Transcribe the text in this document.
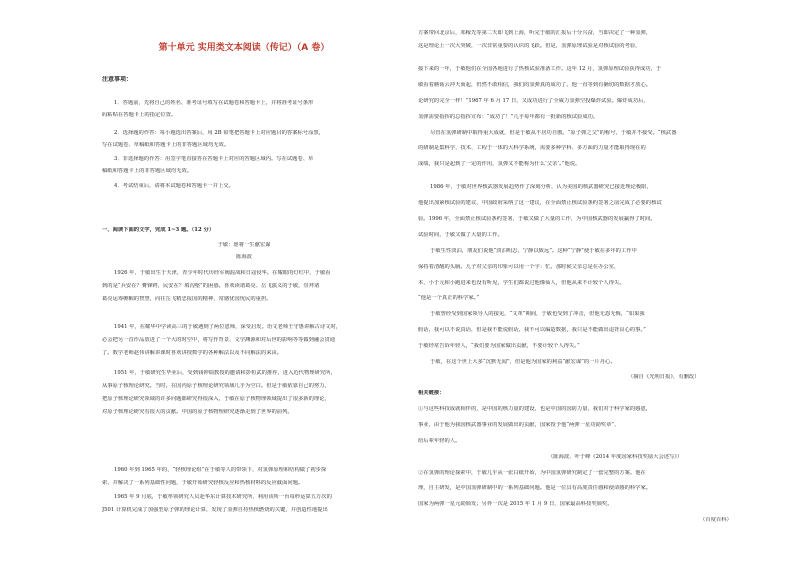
第十单元 实用类文本阅读（传记）（A 卷）

注意事项：

1．答题前，先将自己的姓名、准考证号填写在试题卷和答题卡上，并将准考证号条形

码粘贴在答题卡上的指定位置。

2．选择题的作答：每小题选出答案后，用 2B 铅笔把答题卡上对应题目的答案标号涂黑，

写在试题卷、草稿纸和答题卡上的非答题区域均无效。

3．非选择题的作答：用签字笔直接答在答题卡上对应的答题区域内。写在试题卷、草

稿纸和答题卡上的非答题区域均无效。

4．考试结束后，请将本试题卷和答题卡一并上交。

一、阅读下面的文字，完成 1~3 题。（12 分）

于敏：愿将一生献宏谋

陈海波

1926 年，于敏出生于天津，青少年时代历经军阀混战和日寇侵华。在耀眼的灯红中，于敏看

到的是“兵安在？膏锋锷，民安在？填沟壑”的困惑。喜欢读诸葛亮、岳飞演义的于敏，崇拜诸

葛亮运筹帷幄的智慧，向往岳飞精忠报国的精神，常感忧国忧民的重担。

1941 年，在耀华中学读高三的于敏遇到了两位恩师，深受启发。语文老师王守惠讲解古诗文时，

必会把另一首作品放进了一个大的时空中，将写作背景、文学渊源和对后世的影响等等做到融会贯通

了。数学老师赵伟讲解讲课时喜欢讲授数学的各种解法以及不同解法的来由。

1951 年，于敏研究生毕业后，受到钱钟瑞教授的邀请和彭桓武的推荐，进入近代物理研究所，

从事原子核理论研究。当时，在国内原子核理论研究领域几乎为空白。但是于敏依靠自己的努力，

把原子核理论研究领域的许多问题都研究得很深入，于敏在原子核物理领域提出了很多新的理论，

对原子核理论研究有很大的贡献。中国的原子核物理研究逐渐走到了世界的前列。

1960 年到 1965 年的，“轻核理论组”在于敏等人的带领下，对氢弹原理和结构做了初步探

索，并解决了一系列基础性问题，于敏开始研究轻核反应和热核材料的反应截面问题。

1965 年 9 月底，于敏率领研究人员赴华东计算技术研究所，利用该所一台每秒运算五万次的

J501 计算机完成了加强型原子弹的理论计算，发现了氢弹自持热核燃烧的关键，并创造性地提出

方案带回北京后，邓稼先等第二天即飞到上海，听完于敏的汇报后十分兴奋，当即决定了一种氢弹，

这是理论上一次大突破，一次非常重要的认识的飞跃。但是，氢弹原理试验是对核试验的考验，

接下来的一年，于敏他们在全国各地进行了热核试验准备工作。这年 12 月，氢弹原理试验获得成功，于

敏看着蘑菇云冲天而起，仍然不敢相信，我们的氢弹真的成功了，他一直等到有确切的数据才放心。

论研究的完全一样！”1967 年 6 月 17 日，又成功进行了全威力氢弹空投爆炸试验。爆炸成功后，

氢弹需要指挥的总指挥宣布：“成功了！”几乎每年都有一批新的核试验成功。

尽管在氢弹研制中取得重大成就，但是于敏从不居功自傲。“原子弹之父”的称号，于敏并不接受。“核武器

的研制是集科学、技术、工程于一体的大科学系统，需要多种学科、多方面的力量才能取得现在的

成绩，我只是起到了一定的作用，氢弹又不能称为什么‘父亲’。”他说。

1986 年，于敏对世界核武器发展趋势作了深刻分析，认为美国的核武器研究已接近理论极限，

他提出加紧核试验的建议，中国政府采纳了这一建议，在全面禁止核试验条约签署之前完成了必要的核试

验。1996 年，全面禁止核试验条约签署，于敏又做了大量的工作，为中国核武器的发展赢得了时间。

试验时间，于敏又做了大量的工作。

于敏生性淡泊，朋友们说他“淡泊明志，宁静以致远”。这种“宁静”使于敏在多年的工作中

保持着清醒的头脑。儿子对父亲的印象可以用一个字：忙。那时候父亲总是在办公室，

本，小于元和小跑进来也没有听见，学生们都说过他像仙人，但他从来不计较个人得失。

“他是一个真正的科学家。”

于敏曾经受到国家领导人的接见，“文革”期间，于敏也受到了冲击，但他无怨无悔，“如果我

假话，我可以不说真话，但是我不能说假话，我不可以编造数据，我只是不能做出违背良心的事。”

于敏经常告诉年轻人，“我们要为国家做出贡献，不要计较个人得失。”

于敏，在这个世上大多“沉默无闻”，但是他为国家的利益“献宏谋”的一片丹心。

（摘自《光明日报》，有删改）

相关链接：

①与这些科技成就相伴的，是中国的核力量的建设，也是中国的国防力量，我们对于科学家的感恩，

事业，由于他为我国核武器事业的发展做出的贡献，国家授予他“两弹一星功勋奖章”，

给后辈年轻的人。

（陈海波、叶于峰《2014 年度国家科技奖励大会述写》）

②在氢弹的理论探索中，于敏几乎从一张白纸开始，为中国氢弹研究制定了一套完整的方案。他在

理，自主研发，是中国氢弹研制中的一系列基础问题。他是一位具有高度责任感和使命感的科学家。

国家为两弹一星元勋颁发；另外一次是 2015 年 1 月 9 日，国家最高科技奖颁奖。

（百度百科）
